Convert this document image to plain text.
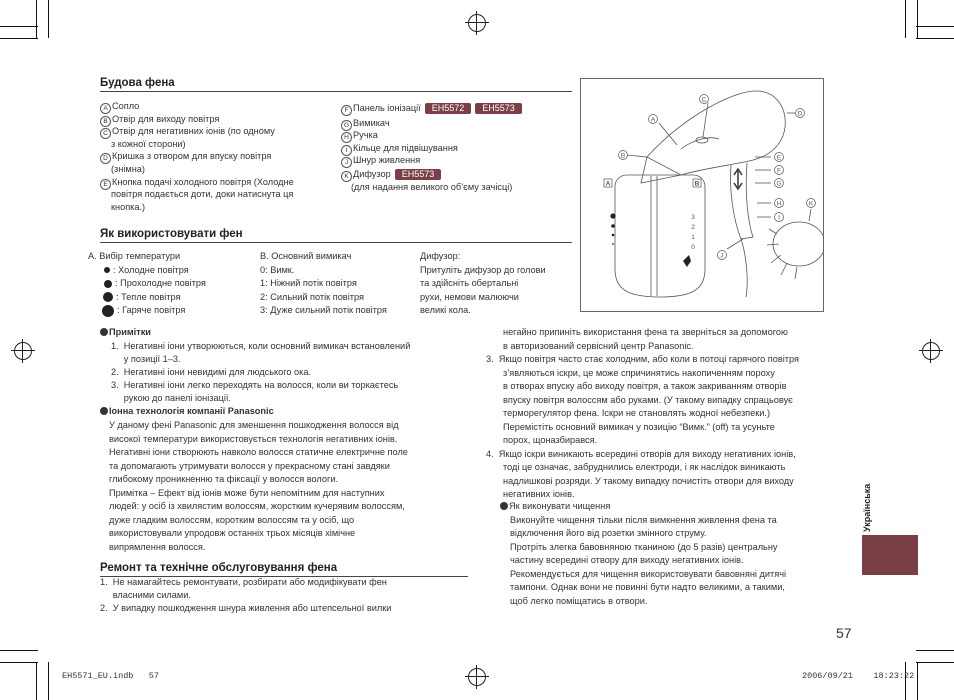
Будова фена
A Сопло
B Отвір для виходу повітря
C Отвір для негативних іонів (по одному
з кожної сторони)
D Кришка з отвором для впуску повітря
(знімна)
E Кнопка подачі холодного повітря (Холодне
повітря подається доти, доки натиснута ця
кнопка.)
F Панель іонізації EH5572 EH5573
G Вимикач
H Ручка
I Кільце для підвішування
J Шнур живлення
K Дифузор EH5573
(для надання великого об’єму зачісці)
Як використовувати фен
A. Вибір температури
: Холодне повітря
: Прохолодне повітря
: Тепле повітря
: Гаряче повітря
B. Основний вимикач
0: Вимк.
1: Ніжний потік повітря
2: Сильний потік повітря
3: Дуже сильний потік повітря
Дифузор:
Притуліть дифузор до голови
та здійсніть обертальні
рухи, немови малюючи
великі кола.
A
B
C
D
E
F
G
H
I
J
K
A	B
3
2
1
0
Примітки
1.  Негативні іони утворюються, коли основний вимикач встановлений
у позиції 1–3.
2.  Негативні іони невидимі для людського ока.
3.  Негативні іони легко переходять на волосся, коли ви торкаєтесь
рукою до панелі іонізації.
Іонна технологія компанії Panasonic
У даному фені Panasonic для зменшення пошкодження волосся від
високої температури використовується технологія негативних іонів.
Негативні іони створюють навколо волосся статичне електричне поле
та допомагають утримувати волосся у прекрасному стані завдяки
глибокому проникненню та фіксації у волосся вологи.
Примітка – Ефект від іонів може бути непомітним для наступних
людей: у осіб із хвилястим волоссям, жорстким кучерявим волоссям,
дуже гладким волоссям, коротким волоссям та у осіб, що
використовували упродовж останніх трьох місяців хімічне
випрямлення волосся.
Ремонт та технічне обслуговування фена
1.  Не намагайтесь ремонтувати, розбирати або модифікувати фен
власними силами.
2.  У випадку пошкодження шнура живлення або штепсельної вилки
негайно припиніть використання фена та зверніться за допомогою
в авторизований сервісний центр Panasonic.
3.  Якщо повітря часто стає холодним, або коли в потоці гарячого повітря
з’являються іскри, це може спричинятись накопиченням пороху
в отворах впуску або виходу повітря, а також закриванням отворів
впуску повітря волоссям або руками. (У такому випадку спрацьовує
терморегулятор фена. Іскри не становлять жодної небезпеки.)
Перемістіть основний вимикач у позицію “Вимк.” (off) та усуньте
порох, щоназбирався.
4.  Якщо іскри виникають всередині отворів для виходу негативних іонів,
тоді це означає, забруднились електроди, і як наслідок виникають
надлишкові розряди. У такому випадку почистіть отвори для виходу
негативних іонів.
Як виконувати чищення
Виконуйте чищення тільки після вимкнення живлення фена та
відключення його від розетки змінного струму.
Протріть злегка бавовняною тканиною (до 5 разів) центральну
частину всередині отвору для виходу негативних іонів.
Рекомендується для чищення використовувати бавовняні дитячі
тампони. Однак вони не повинні бути надто великими, а такими,
щоб легко поміщатись в отвори.
Українська
57
EH5571_EU.indb   57	2006/09/21    18:23:22
